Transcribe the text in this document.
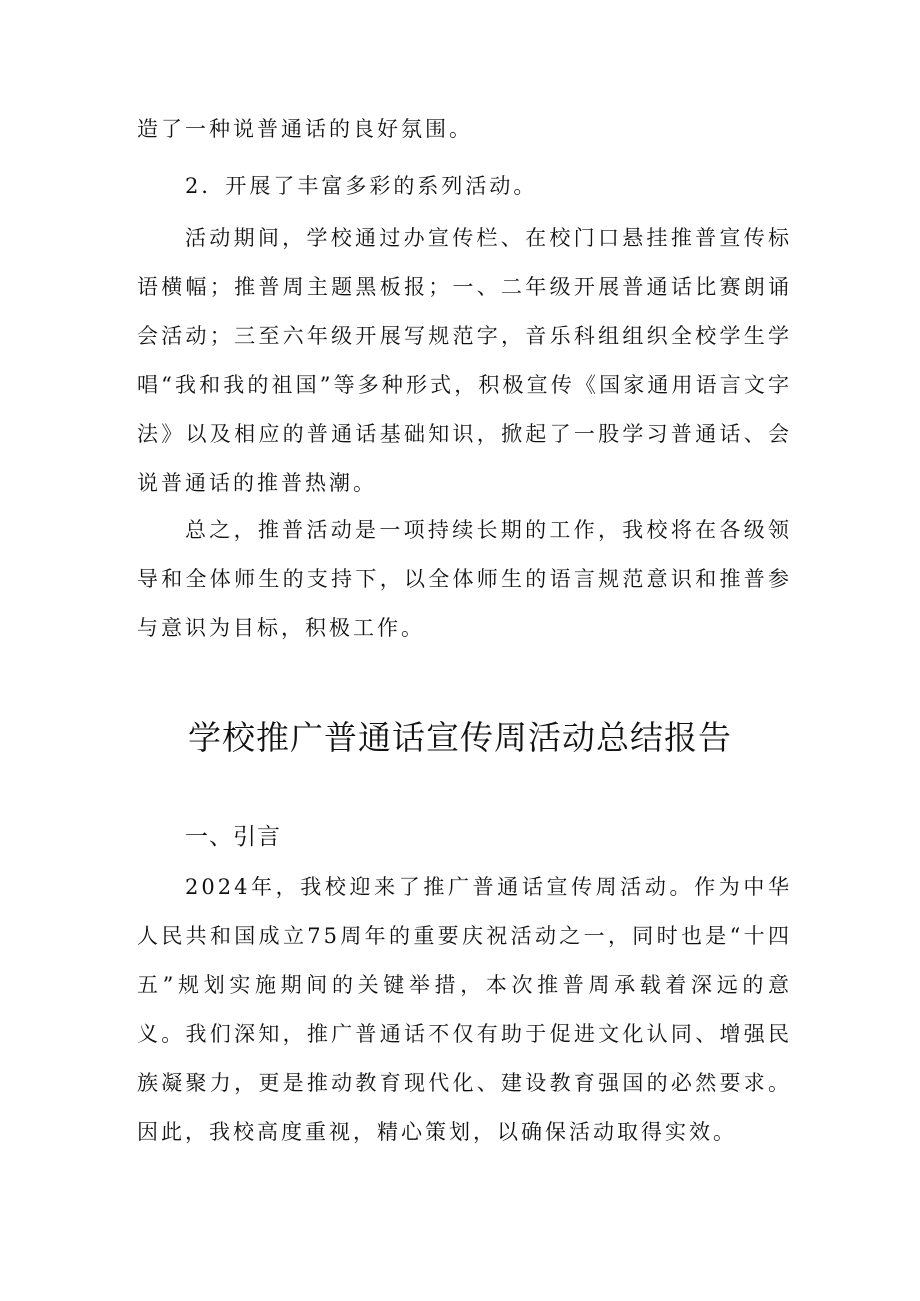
造了一种说普通话的良好氛围。

2．开展了丰富多彩的系列活动。

活动期间，学校通过办宣传栏、在校门口悬挂推普宣传标语横幅；推普周主题黑板报；一、二年级开展普通话比赛朗诵会活动；三至六年级开展写规范字，音乐科组组织全校学生学唱“我和我的祖国”等多种形式，积极宣传《国家通用语言文字法》以及相应的普通话基础知识，掀起了一股学习普通话、会说普通话的推普热潮。

总之，推普活动是一项持续长期的工作，我校将在各级领导和全体师生的支持下，以全体师生的语言规范意识和推普参与意识为目标，积极工作。

学校推广普通话宣传周活动总结报告
一、引言

2024年，我校迎来了推广普通话宣传周活动。作为中华人民共和国成立75周年的重要庆祝活动之一，同时也是“十四五”规划实施期间的关键举措，本次推普周承载着深远的意义。我们深知，推广普通话不仅有助于促进文化认同、增强民族凝聚力，更是推动教育现代化、建设教育强国的必然要求。因此，我校高度重视，精心策划，以确保活动取得实效。
